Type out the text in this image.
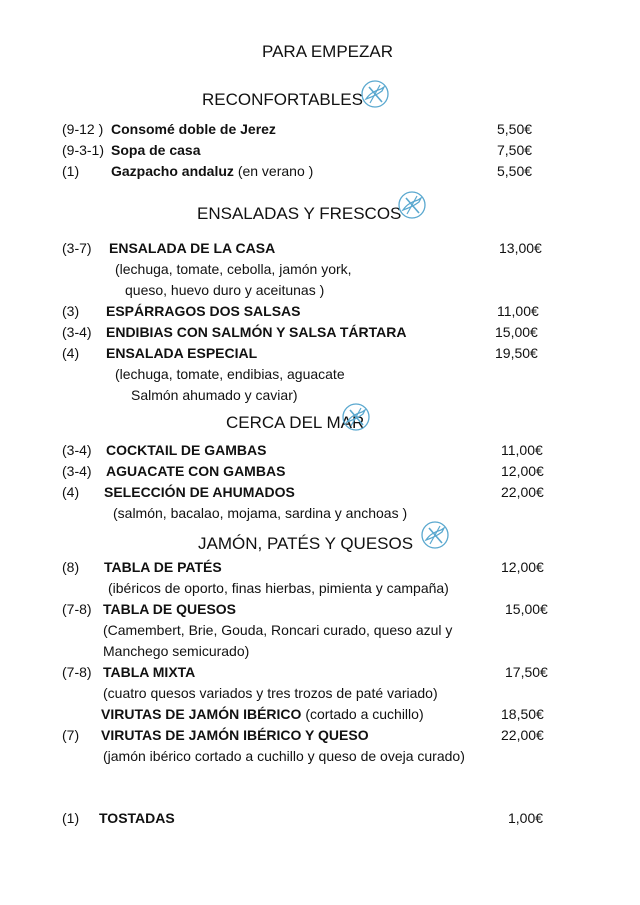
PARA EMPEZAR
RECONFORTABLES
(9-12 ) Consomé doble de Jerez	5,50€
(9-3-1) Sopa de casa	7,50€
(1) Gazpacho andaluz (en verano )	5,50€
ENSALADAS Y FRESCOS
(3-7) ENSALADA DE LA CASA	13,00€
(lechuga, tomate, cebolla, jamón york,
queso, huevo duro y aceitunas )
(3) ESPÁRRAGOS DOS SALSAS	11,00€
(3-4) ENDIBIAS CON SALMÓN Y SALSA TÁRTARA	15,00€
(4) ENSALADA ESPECIAL	19,50€
(lechuga, tomate, endibias, aguacate
Salmón ahumado y caviar)
CERCA DEL MAR
(3-4) COCKTAIL DE GAMBAS	11,00€
(3-4) AGUACATE CON GAMBAS	12,00€
(4) SELECCIÓN DE AHUMADOS	22,00€
(salmón, bacalao, mojama, sardina y anchoas )
JAMÓN, PATÉS Y QUESOS
(8) TABLA DE PATÉS	12,00€
(ibéricos de oporto, finas hierbas, pimienta y campaña)
(7-8) TABLA DE QUESOS	15,00€
(Camembert, Brie, Gouda, Roncari curado, queso azul y
Manchego semicurado)
(7-8) TABLA MIXTA	17,50€
(cuatro quesos variados y tres trozos de paté variado)
VIRUTAS DE JAMÓN IBÉRICO (cortado a cuchillo)	18,50€
(7) VIRUTAS DE JAMÓN IBÉRICO Y QUESO	22,00€
(jamón ibérico cortado a cuchillo y queso de oveja curado)
(1) TOSTADAS	1,00€
